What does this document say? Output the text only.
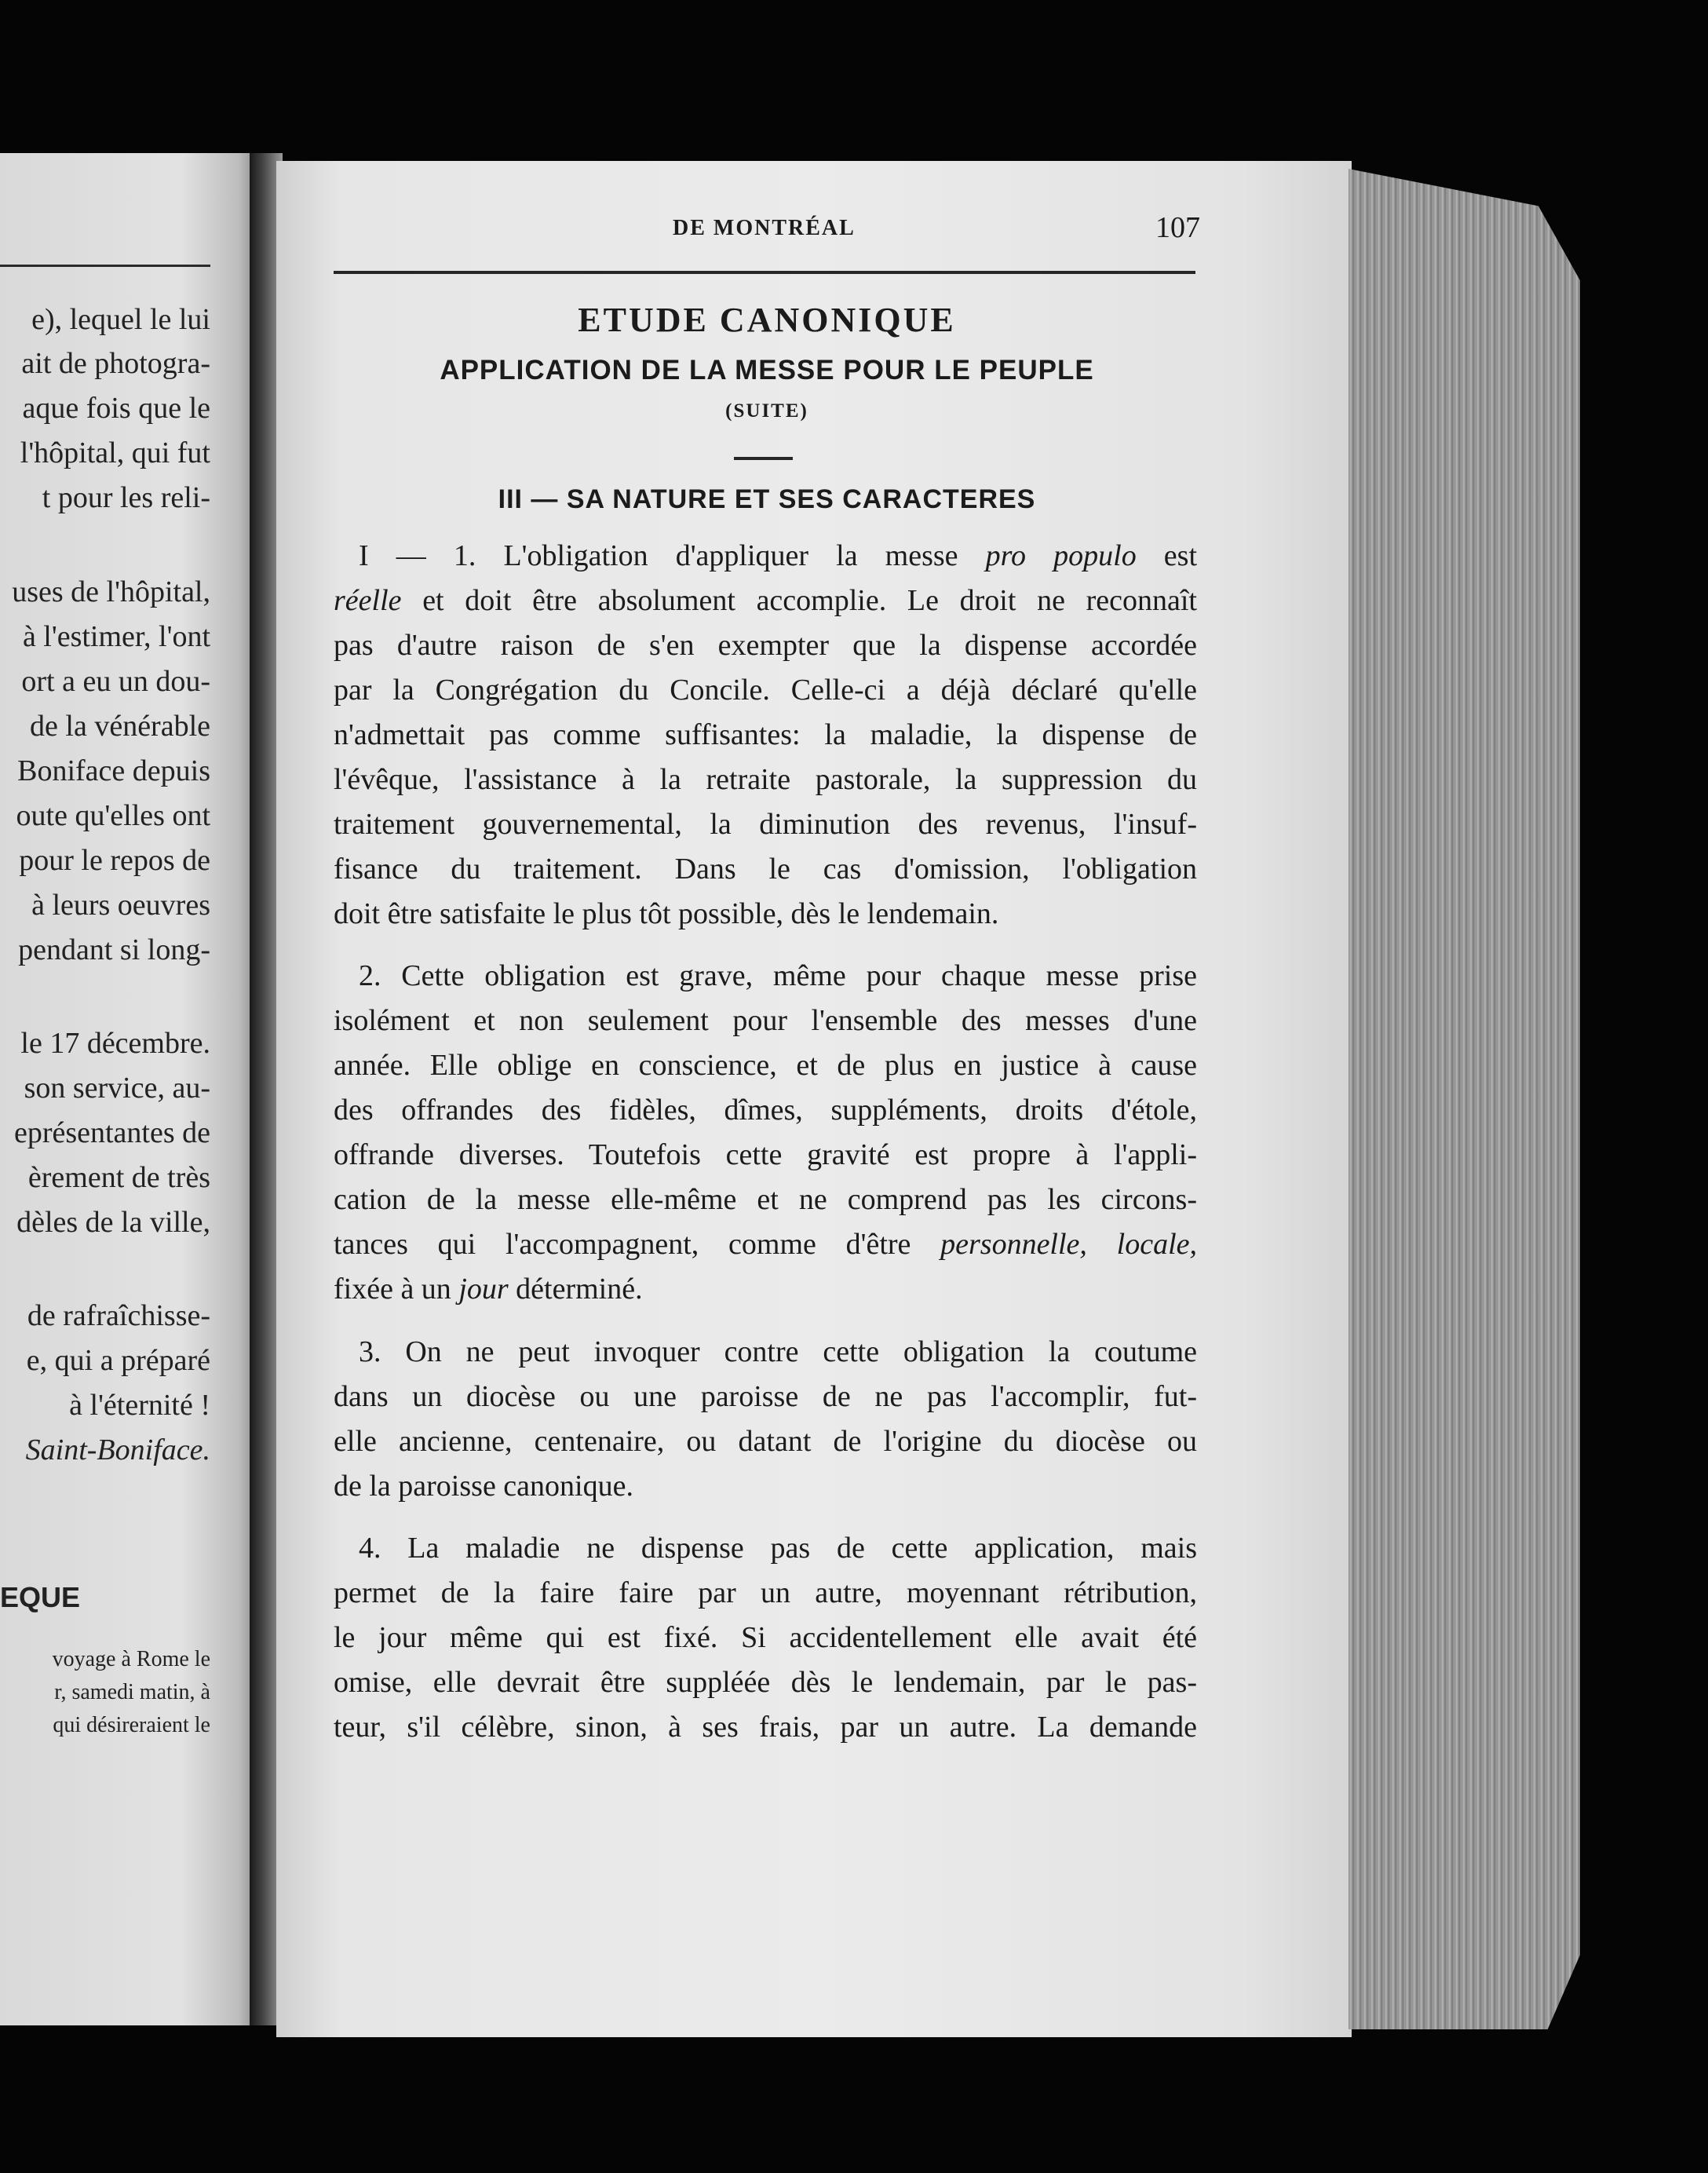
e), lequel le lui
ait de photogra-
aque fois que le
l'hôpital, qui fut
t pour les reli-
uses de l'hôpital,
à l'estimer, l'ont
ort a eu un dou-
de la vénérable
Boniface depuis
oute qu'elles ont
pour le repos de
à leurs oeuvres
pendant si long-
le 17 décembre.
son service, au-
eprésentantes de
èrement de très
dèles de la ville,
de rafraîchisse-
e, qui a préparé
à l'éternité !
Saint-Boniface.
EQUE
voyage à Rome le
r, samedi matin, à
qui désireraient le
DE MONTRÉAL	107
ETUDE CANONIQUE
APPLICATION DE LA MESSE POUR LE PEUPLE
(SUITE)
III — SA NATURE ET SES CARACTERES
I — 1. L'obligation d'appliquer la messe pro populo est
réelle et doit être absolument accomplie. Le droit ne reconnaît
pas d'autre raison de s'en exempter que la dispense accordée
par la Congrégation du Concile. Celle-ci a déjà déclaré qu'elle
n'admettait pas comme suffisantes: la maladie, la dispense de
l'évêque, l'assistance à la retraite pastorale, la suppression du
traitement gouvernemental, la diminution des revenus, l'insuf-
fisance du traitement. Dans le cas d'omission, l'obligation
doit être satisfaite le plus tôt possible, dès le lendemain.
2. Cette obligation est grave, même pour chaque messe prise
isolément et non seulement pour l'ensemble des messes d'une
année. Elle oblige en conscience, et de plus en justice à cause
des offrandes des fidèles, dîmes, suppléments, droits d'étole,
offrande diverses. Toutefois cette gravité est propre à l'appli-
cation de la messe elle-même et ne comprend pas les circons-
tances qui l'accompagnent, comme d'être personnelle, locale,
fixée à un jour déterminé.
3. On ne peut invoquer contre cette obligation la coutume
dans un diocèse ou une paroisse de ne pas l'accomplir, fut-
elle ancienne, centenaire, ou datant de l'origine du diocèse ou
de la paroisse canonique.
4. La maladie ne dispense pas de cette application, mais
permet de la faire faire par un autre, moyennant rétribution,
le jour même qui est fixé. Si accidentellement elle avait été
omise, elle devrait être suppléée dès le lendemain, par le pas-
teur, s'il célèbre, sinon, à ses frais, par un autre. La demande
